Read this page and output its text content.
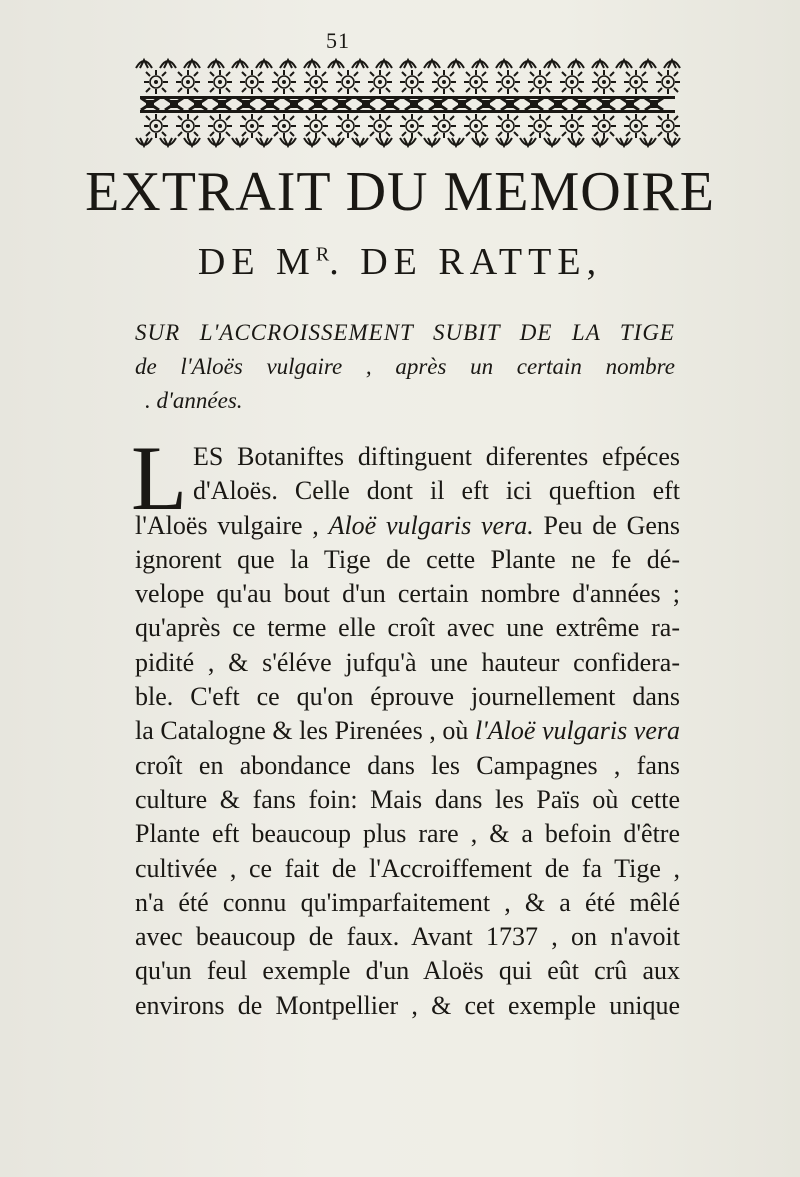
51
EXTRAIT DU MEMOIRE
DE $M^R$. DE RATTE,
SUR L'ACCROISSEMENT SUBIT DE LA TIGE
de l'Aloës vulgaire , après un certain nombre
. d'années.
L ES Botaniftes diftinguent diferentes efpéces
d'Aloës. Celle dont il eft ici queftion eft
l'Aloës vulgaire , Aloë vulgaris vera. Peu de Gens
ignorent que la Tige de cette Plante ne fe dé-
velope qu'au bout d'un certain nombre d'années ;
qu'après ce terme elle croît avec une extrême ra-
pidité , & s'éléve jufqu'à une hauteur confidera-
ble. C'eft ce qu'on éprouve journellement dans
la Catalogne & les Pirenées , où l'Aloë vulgaris vera
croît en abondance dans les Campagnes , fans
culture & fans foin: Mais dans les Païs où cette
Plante eft beaucoup plus rare , & a befoin d'être
cultivée , ce fait de l'Accroiffement de fa Tige ,
n'a été connu qu'imparfaitement , & a été mêlé
avec beaucoup de faux. Avant 1737 , on n'avoit
qu'un feul exemple d'un Aloës qui eût crû aux
environs de Montpellier , & cet exemple unique
